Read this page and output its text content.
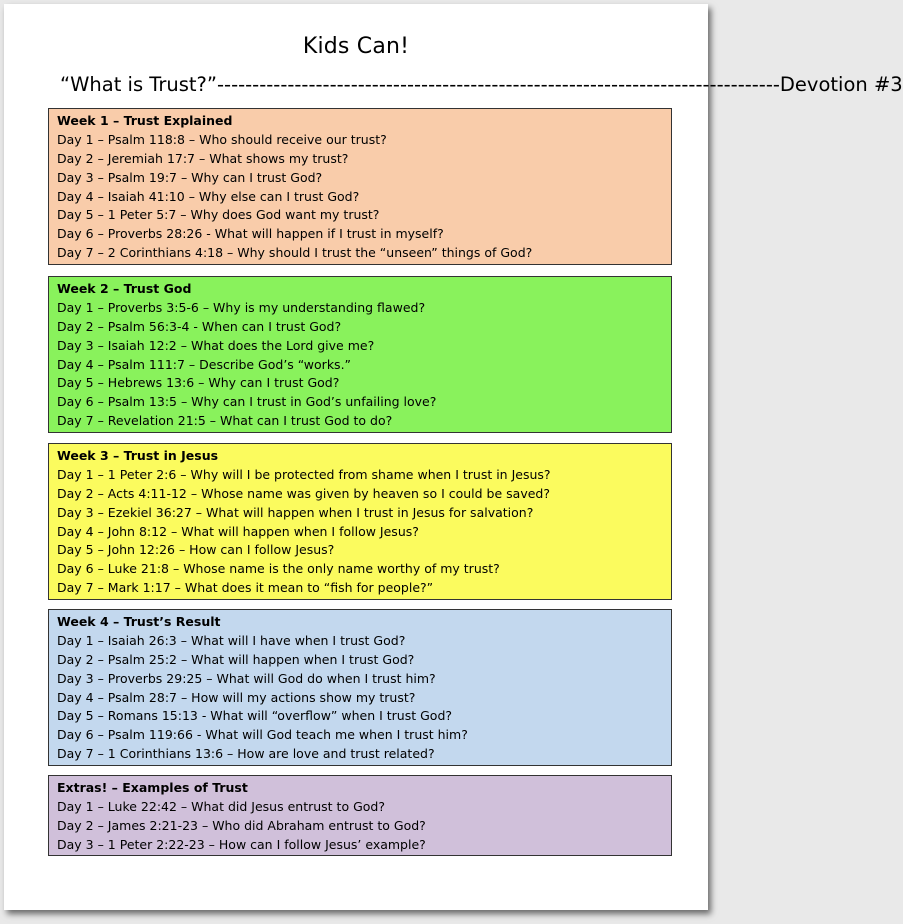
Kids Can!
“What is Trust?” -------------------------------------------------------------------------------- Devotion #3
Week 1 – Trust Explained
Day 1 – Psalm 118:8 – Who should receive our trust?
Day 2 – Jeremiah 17:7 – What shows my trust?
Day 3 – Psalm 19:7 – Why can I trust God?
Day 4 – Isaiah 41:10 – Why else can I trust God?
Day 5 – 1 Peter 5:7 – Why does God want my trust?
Day 6 – Proverbs 28:26 - What will happen if I trust in myself?
Day 7 – 2 Corinthians 4:18 – Why should I trust the “unseen” things of God?
Week 2 – Trust God
Day 1 – Proverbs 3:5-6 – Why is my understanding flawed?
Day 2 – Psalm 56:3-4 - When can I trust God?
Day 3 – Isaiah 12:2 – What does the Lord give me?
Day 4 – Psalm 111:7 – Describe God’s “works.”
Day 5 – Hebrews 13:6 – Why can I trust God?
Day 6 – Psalm 13:5 – Why can I trust in God’s unfailing love?
Day 7 – Revelation 21:5 – What can I trust God to do?
Week 3 – Trust in Jesus
Day 1 – 1 Peter 2:6 – Why will I be protected from shame when I trust in Jesus?
Day 2 – Acts 4:11-12 – Whose name was given by heaven so I could be saved?
Day 3 – Ezekiel 36:27 – What will happen when I trust in Jesus for salvation?
Day 4 – John 8:12 – What will happen when I follow Jesus?
Day 5 – John 12:26 – How can I follow Jesus?
Day 6 – Luke 21:8 – Whose name is the only name worthy of my trust?
Day 7 – Mark 1:17 – What does it mean to “fish for people?”
Week 4 – Trust’s Result
Day 1 – Isaiah 26:3 – What will I have when I trust God?
Day 2 – Psalm 25:2 – What will happen when I trust God?
Day 3 – Proverbs 29:25 – What will God do when I trust him?
Day 4 – Psalm 28:7 – How will my actions show my trust?
Day 5 – Romans 15:13 - What will “overflow” when I trust God?
Day 6 – Psalm 119:66 - What will God teach me when I trust him?
Day 7 – 1 Corinthians 13:6 – How are love and trust related?
Extras! – Examples of Trust
Day 1 – Luke 22:42 – What did Jesus entrust to God?
Day 2 – James 2:21-23 – Who did Abraham entrust to God?
Day 3 – 1 Peter 2:22-23 – How can I follow Jesus’ example?
